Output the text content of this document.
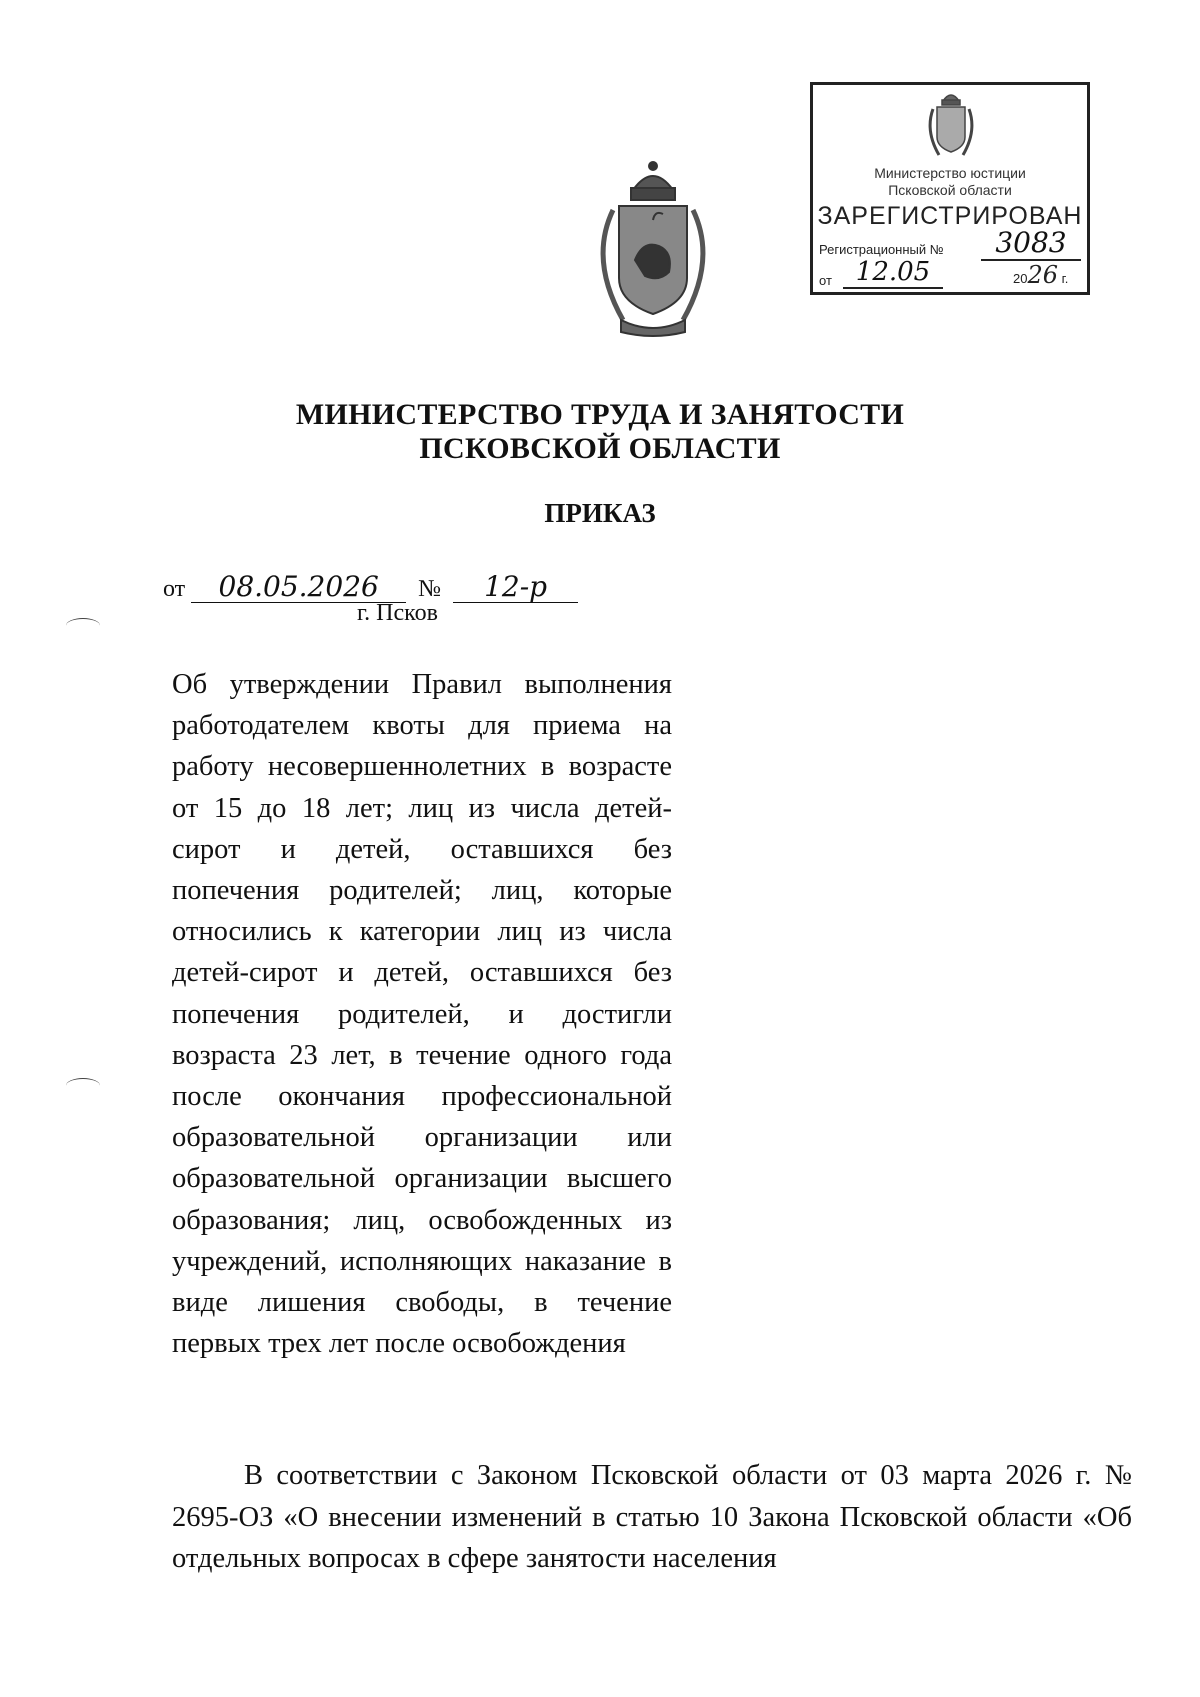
Министерство юстиции
Псковской области
ЗАРЕГИСТРИРОВАН
Регистрационный №	3083
от 12.05	2026 г.
МИНИСТЕРСТВО ТРУДА И ЗАНЯТОСТИ
ПСКОВСКОЙ ОБЛАСТИ
ПРИКАЗ
от 08.05.2026 № 12-р
г. Псков
Об утверждении Правил выполнения работодателем квоты для приема на работу несовершеннолетних в возрасте от 15 до 18 лет; лиц из числа детей-сирот и детей, оставшихся без попечения родителей; лиц, которые относились к категории лиц из числа детей-сирот и детей, оставшихся без попечения родителей, и достигли возраста 23 лет, в течение одного года после окончания профессиональной образовательной организации или образовательной организации высшего образования; лиц, освобожденных из учреждений, исполняющих наказание в виде лишения свободы, в течение первых трех лет после освобождения
В соответствии с Законом Псковской области от 03 марта 2026 г. № 2695-ОЗ «О внесении изменений в статью 10 Закона Псковской области «Об отдельных вопросах в сфере занятости населения
